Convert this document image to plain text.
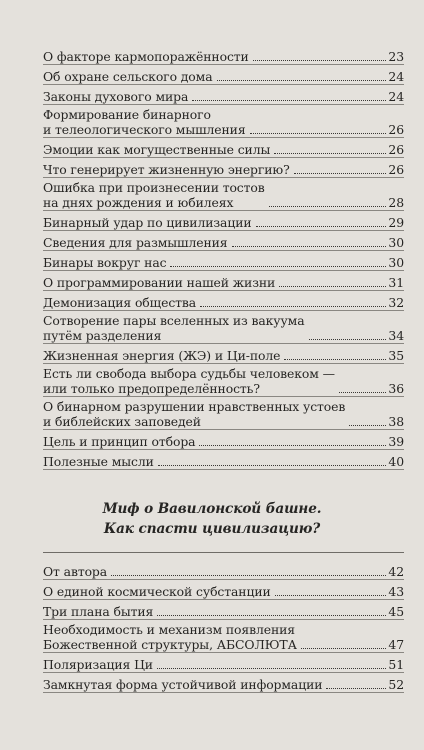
О факторе кармопоражённости	23
Об охране сельского дома	24
Законы духового мира	24
Формирование бинарного
и телеологического мышления	26
Эмоции как могущественные силы	26
Что генерирует жизненную энергию?	26
Ошибка при произнесении тостов
на днях рождения и юбилеях	28
Бинарный удар по цивилизации	29
Сведения для размышления	30
Бинары вокруг нас	30
О программировании нашей жизни	31
Демонизация общества	32
Сотворение пары вселенных из вакуума
путём разделения	34
Жизненная энергия (ЖЭ) и Ци-поле	35
Есть ли свобода выбора судьбы человеком —
или только предопределённость?	36
О бинарном разрушении нравственных устоев
и библейских заповедей	38
Цель и принцип отбора	39
Полезные мысли	40
Миф о Вавилонской башне.
Как спасти цивилизацию?
От автора	42
О единой космической субстанции	43
Три плана бытия	45
Необходимость и механизм появления
Божественной структуры, АБСОЛЮТА	47
Поляризация Ци	51
Замкнутая форма устойчивой информации	52
